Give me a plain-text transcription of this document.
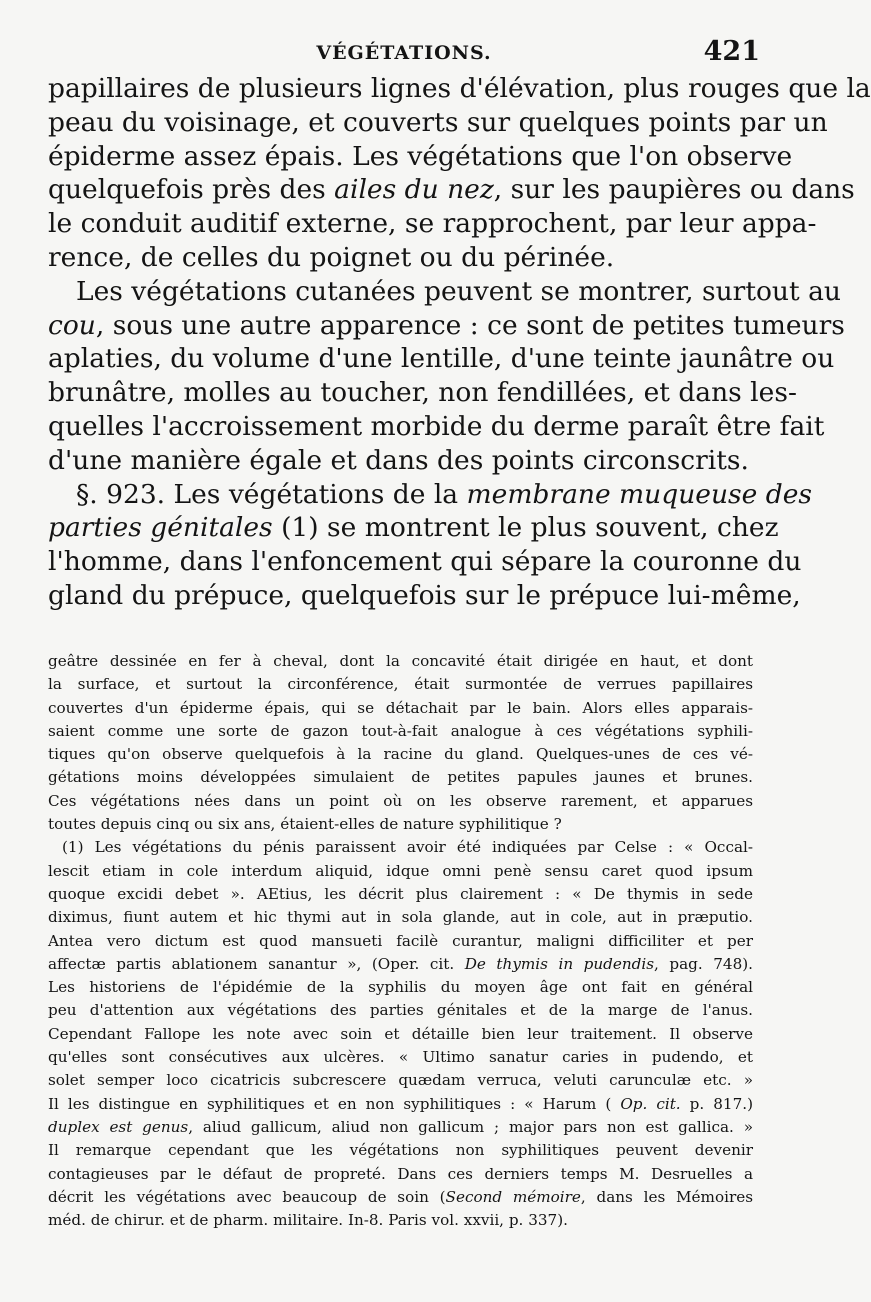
VÉGÉTATIONS.	421
papillaires de plusieurs lignes d'élévation, plus rouges que la
peau du voisinage, et couverts sur quelques points par un
épiderme assez épais. Les végétations que l'on observe
quelquefois près des ailes du nez, sur les paupières ou dans
le conduit auditif externe, se rapprochent, par leur appa-
rence, de celles du poignet ou du périnée.
Les végétations cutanées peuvent se montrer, surtout au
cou, sous une autre apparence : ce sont de petites tumeurs
aplaties, du volume d'une lentille, d'une teinte jaunâtre ou
brunâtre, molles au toucher, non fendillées, et dans les-
quelles l'accroissement morbide du derme paraît être fait
d'une manière égale et dans des points circonscrits.
§. 923. Les végétations de la membrane muqueuse des
parties génitales (1) se montrent le plus souvent, chez
l'homme, dans l'enfoncement qui sépare la couronne du
gland du prépuce, quelquefois sur le prépuce lui-même,
geâtre dessinée en fer à cheval, dont la concavité était dirigée en haut, et dont
la surface, et surtout la circonférence, était surmontée de verrues papillaires
couvertes d'un épiderme épais, qui se détachait par le bain. Alors elles apparais-
saient comme une sorte de gazon tout-à-fait analogue à ces végétations syphili-
tiques qu'on observe quelquefois à la racine du gland. Quelques-unes de ces vé-
gétations moins développées simulaient de petites papules jaunes et brunes.
Ces végétations nées dans un point où on les observe rarement, et apparues
toutes depuis cinq ou six ans, étaient-elles de nature syphilitique ?
(1) Les végétations du pénis paraissent avoir été indiquées par Celse : « Occal-
lescit etiam in cole interdum aliquid, idque omni penè sensu caret quod ipsum
quoque excidi debet ». AEtius, les décrit plus clairement : « De thymis in sede
diximus, fiunt autem et hic thymi aut in sola glande, aut in cole, aut in præputio.
Antea vero dictum est quod mansueti facilè curantur, maligni difficiliter et per
affectæ partis ablationem sanantur », (Oper. cit. De thymis in pudendis, pag. 748).
Les historiens de l'épidémie de la syphilis du moyen âge ont fait en général
peu d'attention aux végétations des parties génitales et de la marge de l'anus.
Cependant Fallope les note avec soin et détaille bien leur traitement. Il observe
qu'elles sont consécutives aux ulcères. « Ultimo sanatur caries in pudendo, et
solet semper loco cicatricis subcrescere quædam verruca, veluti carunculæ etc. »
Il les distingue en syphilitiques et en non syphilitiques : « Harum ( Op. cit. p. 817.)
duplex est genus, aliud gallicum, aliud non gallicum ; major pars non est gallica. »
Il remarque cependant que les végétations non syphilitiques peuvent devenir
contagieuses par le défaut de propreté. Dans ces derniers temps M. Desruelles a
décrit les végétations avec beaucoup de soin (Second mémoire, dans les Mémoires
méd. de chirur. et de pharm. militaire. In-8. Paris vol. xxvii, p. 337).
